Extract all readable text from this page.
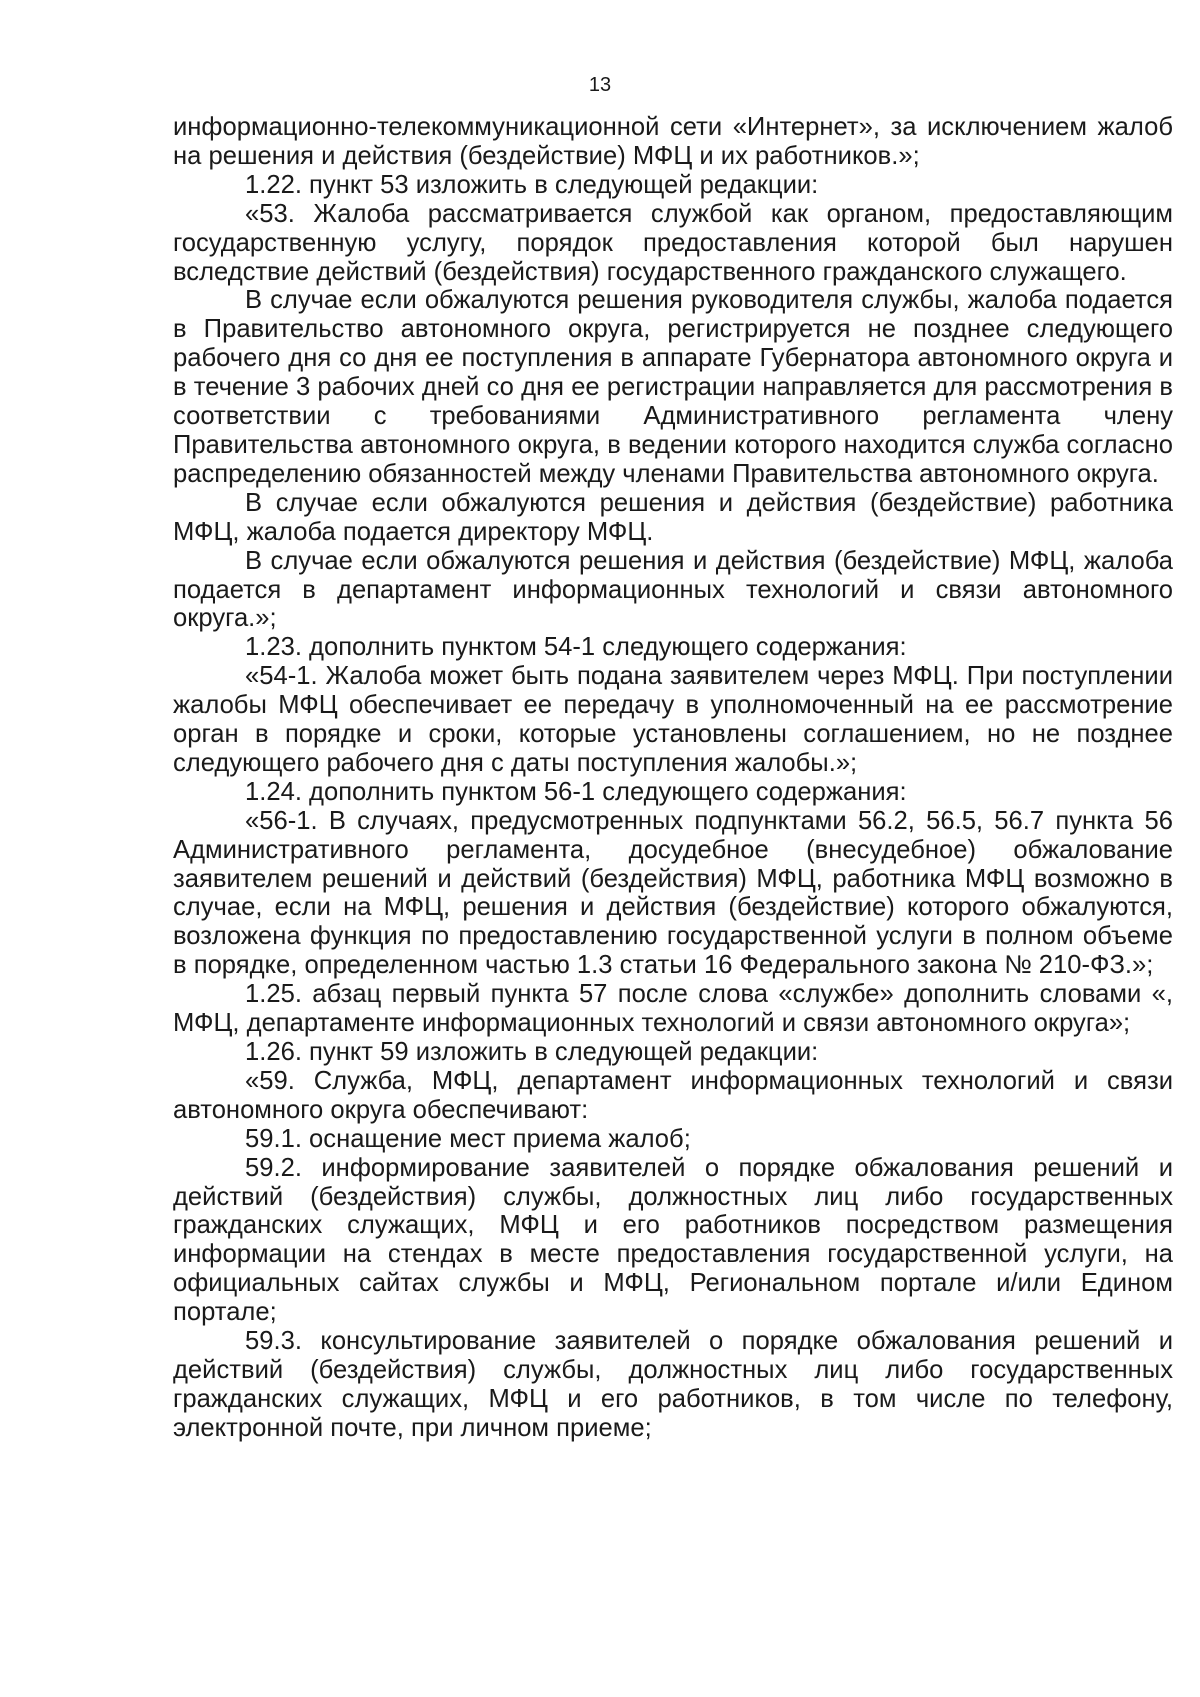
13

информационно-телекоммуникационной сети «Интернет», за исключением жалоб на решения и действия (бездействие) МФЦ и их работников.»;

1.22. пункт 53 изложить в следующей редакции:

«53. Жалоба рассматривается службой как органом, предоставляющим государственную услугу, порядок предоставления которой был нарушен вследствие действий (бездействия) государственного гражданского служащего.

В случае если обжалуются решения руководителя службы, жалоба подается в Правительство автономного округа, регистрируется не позднее следующего рабочего дня со дня ее поступления в аппарате Губернатора автономного округа и в течение 3 рабочих дней со дня ее регистрации направляется для рассмотрения в соответствии с требованиями Административного регламента члену Правительства автономного округа, в ведении которого находится служба согласно распределению обязанностей между членами Правительства автономного округа.

В случае если обжалуются решения и действия (бездействие) работника МФЦ, жалоба подается директору МФЦ.

В случае если обжалуются решения и действия (бездействие) МФЦ, жалоба подается в департамент информационных технологий и связи автономного округа.»;

1.23. дополнить пунктом 54-1 следующего содержания:

«54-1. Жалоба может быть подана заявителем через МФЦ. При поступлении жалобы МФЦ обеспечивает ее передачу в уполномоченный на ее рассмотрение орган в порядке и сроки, которые установлены соглашением, но не позднее следующего рабочего дня с даты поступления жалобы.»;

1.24. дополнить пунктом 56-1 следующего содержания:

«56-1. В случаях, предусмотренных подпунктами 56.2, 56.5, 56.7 пункта 56 Административного регламента, досудебное (внесудебное) обжалование заявителем решений и действий (бездействия) МФЦ, работника МФЦ возможно в случае, если на МФЦ, решения и действия (бездействие) которого обжалуются, возложена функция по предоставлению государственной услуги в полном объеме в порядке, определенном частью 1.3 статьи 16 Федерального закона № 210-ФЗ.»;

1.25. абзац первый пункта 57 после слова «службе» дополнить словами «, МФЦ, департаменте информационных технологий и связи автономного округа»;

1.26. пункт 59 изложить в следующей редакции:

«59. Служба, МФЦ, департамент информационных технологий и связи автономного округа обеспечивают:

59.1. оснащение мест приема жалоб;

59.2. информирование заявителей о порядке обжалования решений и действий (бездействия) службы, должностных лиц либо государственных гражданских служащих, МФЦ и его работников посредством размещения информации на стендах в месте предоставления государственной услуги, на официальных сайтах службы и МФЦ, Региональном портале и/или Едином портале;

59.3. консультирование заявителей о порядке обжалования решений и действий (бездействия) службы, должностных лиц либо государственных гражданских служащих, МФЦ и его работников, в том числе по телефону, электронной почте, при личном приеме;
